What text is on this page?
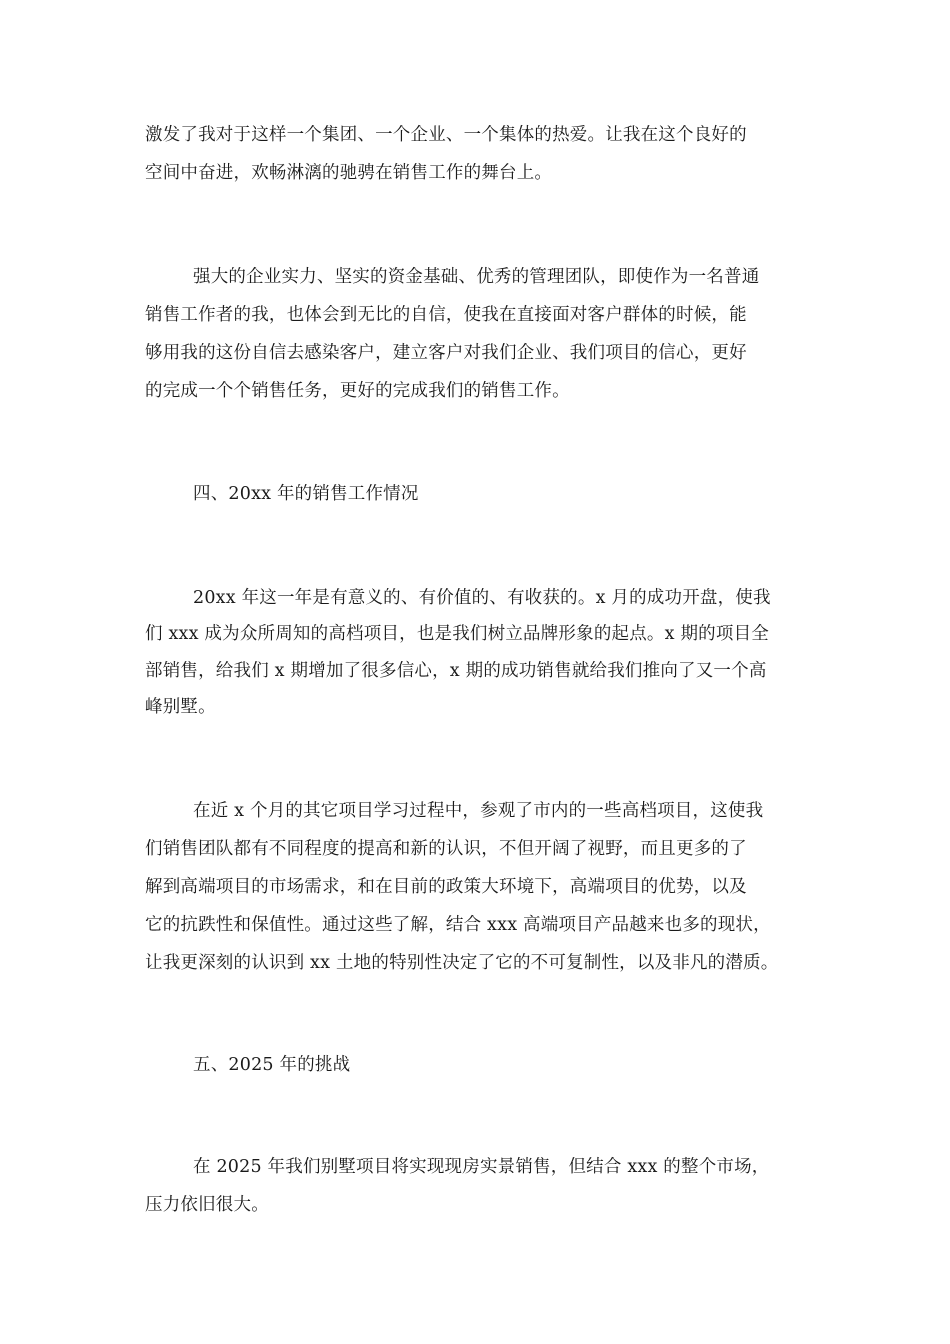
激发了我对于这样一个集团、一个企业、一个集体的热爱。让我在这个良好的
空间中奋进，欢畅淋漓的驰骋在销售工作的舞台上。
强大的企业实力、坚实的资金基础、优秀的管理团队，即使作为一名普通
销售工作者的我，也体会到无比的自信，使我在直接面对客户群体的时候，能
够用我的这份自信去感染客户，建立客户对我们企业、我们项目的信心，更好
的完成一个个销售任务，更好的完成我们的销售工作。
四、20xx 年的销售工作情况
20xx 年这一年是有意义的、有价值的、有收获的。x 月的成功开盘，使我
们 xxx 成为众所周知的高档项目，也是我们树立品牌形象的起点。x 期的项目全
部销售，给我们 x 期增加了很多信心，x 期的成功销售就给我们推向了又一个高
峰别墅。
在近 x 个月的其它项目学习过程中，参观了市内的一些高档项目，这使我
们销售团队都有不同程度的提高和新的认识，不但开阔了视野，而且更多的了
解到高端项目的市场需求，和在目前的政策大环境下，高端项目的优势，以及
它的抗跌性和保值性。通过这些了解，结合 xxx 高端项目产品越来也多的现状，
让我更深刻的认识到 xx 土地的特别性决定了它的不可复制性，以及非凡的潜质。
五、2025 年的挑战
在 2025 年我们别墅项目将实现现房实景销售，但结合 xxx 的整个市场，
压力依旧很大。
